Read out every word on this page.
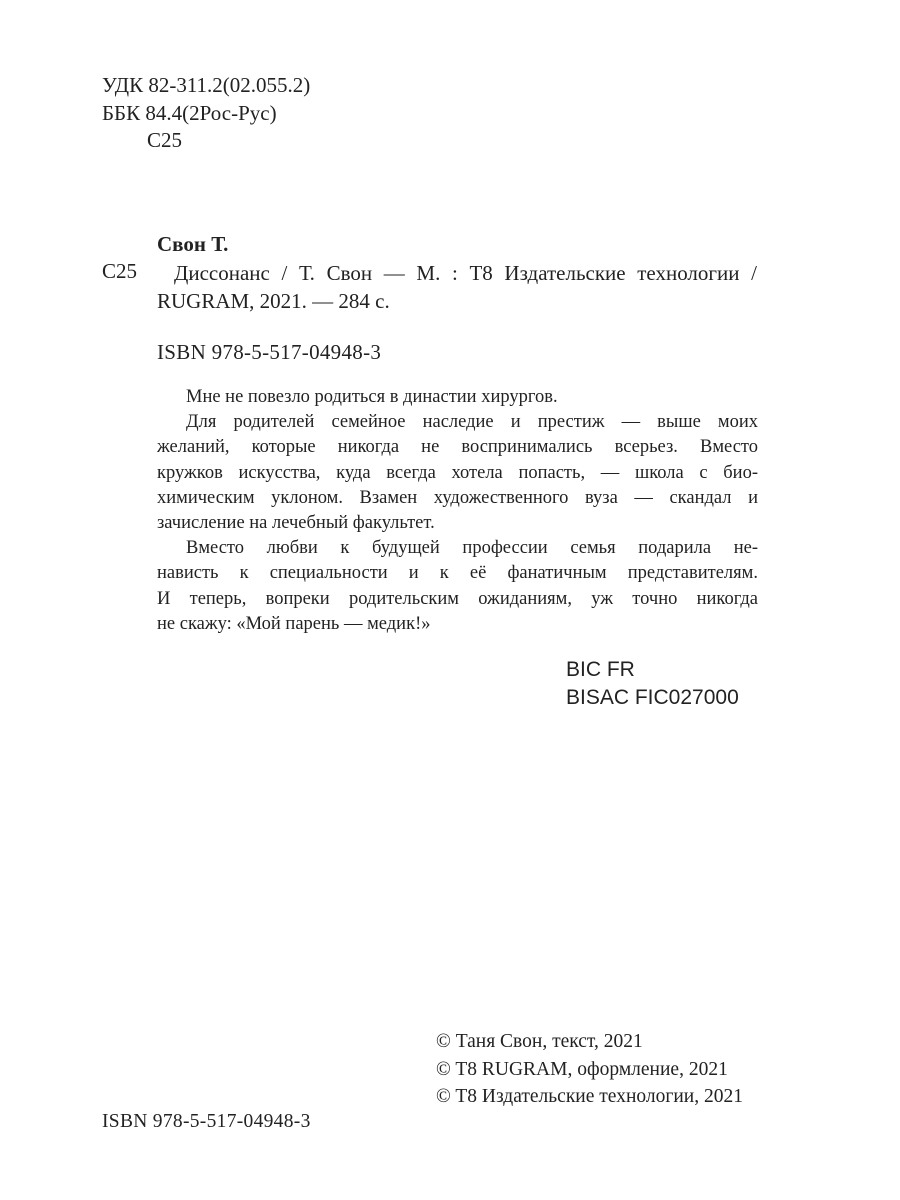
УДК 82-311.2(02.055.2)
ББК 84.4(2Рос-Рус)
С25
Свон Т.
С25	Диссонанс / Т. Свон — М. : T8 Издательские технологии /
RUGRAM, 2021. — 284 с.
ISBN 978-5-517-04948-3
Мне не повезло родиться в династии хирургов.
Для родителей семейное наследие и престиж — выше моих
желаний, которые никогда не воспринимались всерьез. Вместо
кружков искусства, куда всегда хотела попасть, — школа с био-
химическим уклоном. Взамен художественного вуза — скандал и
зачисление на лечебный факультет.
Вместо любви к будущей профессии семья подарила не-
нависть к специальности и к её фанатичным представителям.
И теперь, вопреки родительским ожиданиям, уж точно никогда
не скажу: «Мой парень — медик!»
BIC FR
BISAC FIC027000
© Таня Свон, текст, 2021
© T8 RUGRAM, оформление, 2021
© T8 Издательские технологии, 2021
ISBN 978-5-517-04948-3
